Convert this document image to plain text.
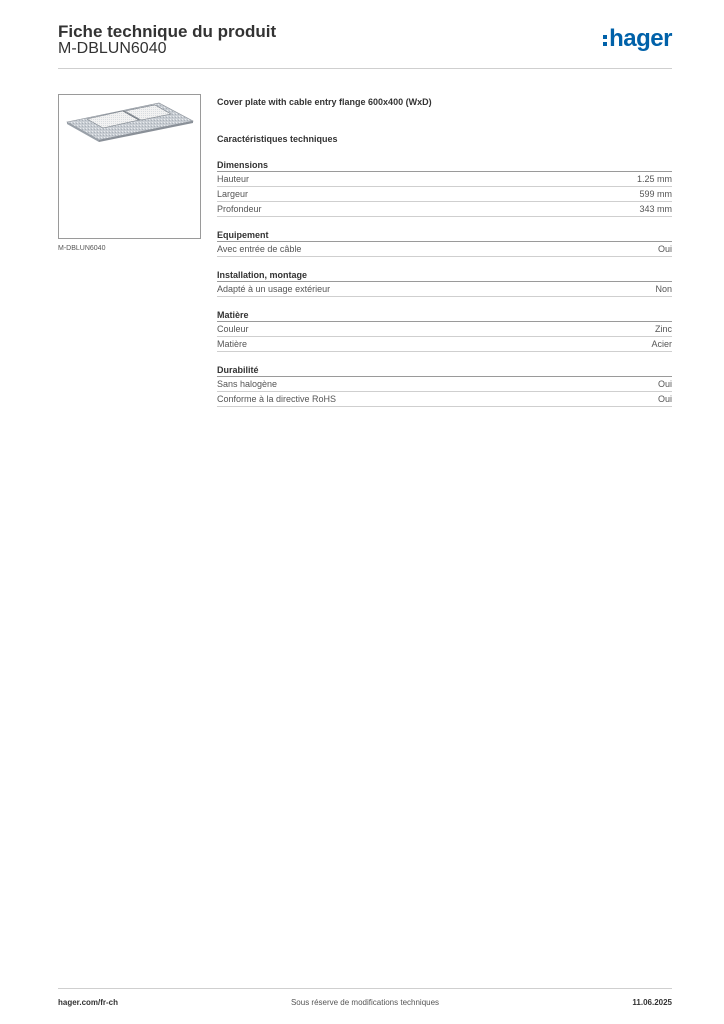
Fiche technique du produit
M-DBLUN6040	hager
M-DBLUN6040
Cover plate with cable entry flange 600x400 (WxD)
Caractéristiques techniques
Dimensions
Hauteur	1.25 mm
Largeur	599 mm
Profondeur	343 mm
Equipement
Avec entrée de câble	Oui
Installation, montage
Adapté à un usage extérieur	Non
Matière
Couleur	Zinc
Matière	Acier
Durabilité
Sans halogène	Oui
Conforme à la directive RoHS	Oui
hager.com/fr-ch	Sous réserve de modifications techniques	11.06.2025
